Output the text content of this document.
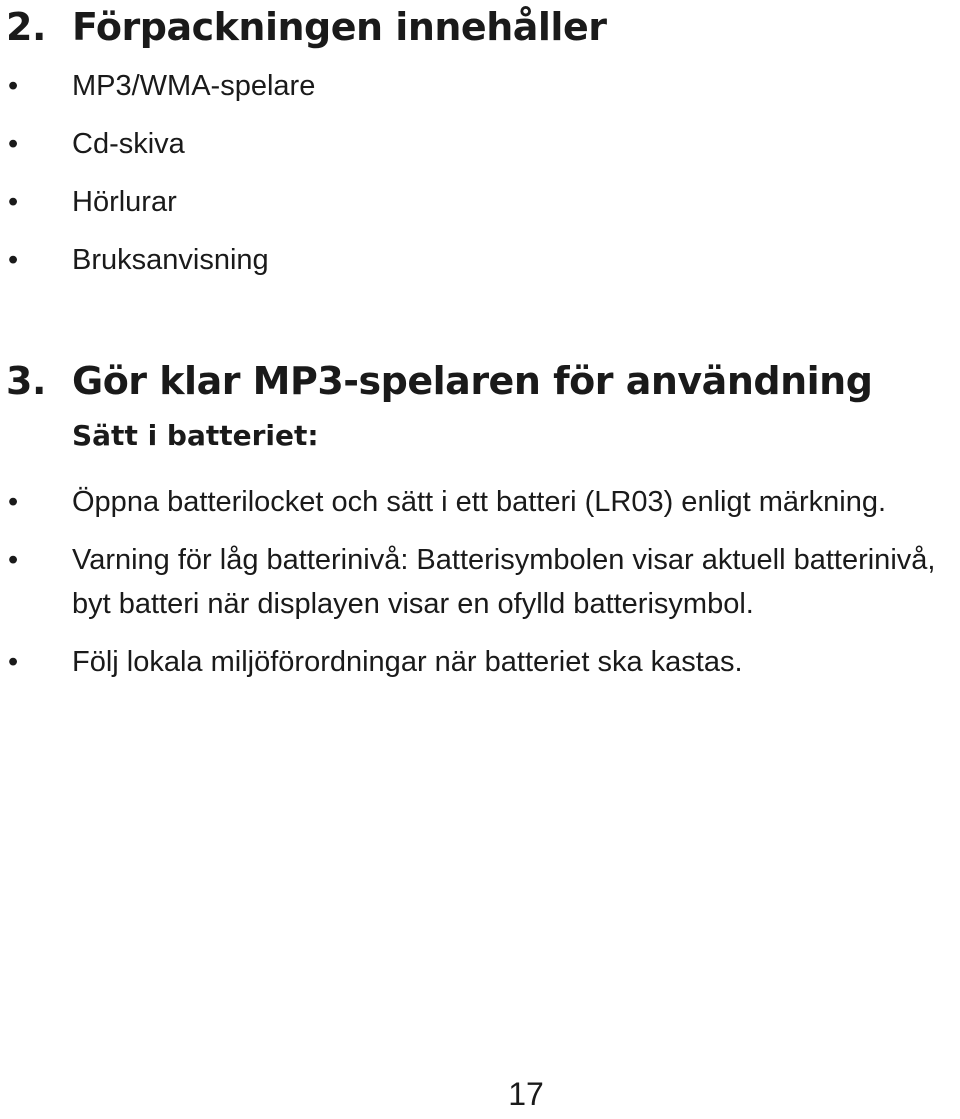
2. Förpackningen innehåller
• MP3/WMA-spelare
• Cd-skiva
• Hörlurar
• Bruksanvisning
3. Gör klar MP3-spelaren för användning
Sätt i batteriet:
• Öppna batterilocket och sätt i ett batteri (LR03) enligt märkning.
• Varning för låg batterinivå: Batterisymbolen visar aktuell batterinivå, byt batteri när displayen visar en ofylld batterisymbol.
• Följ lokala miljöförordningar när batteriet ska kastas.
17
